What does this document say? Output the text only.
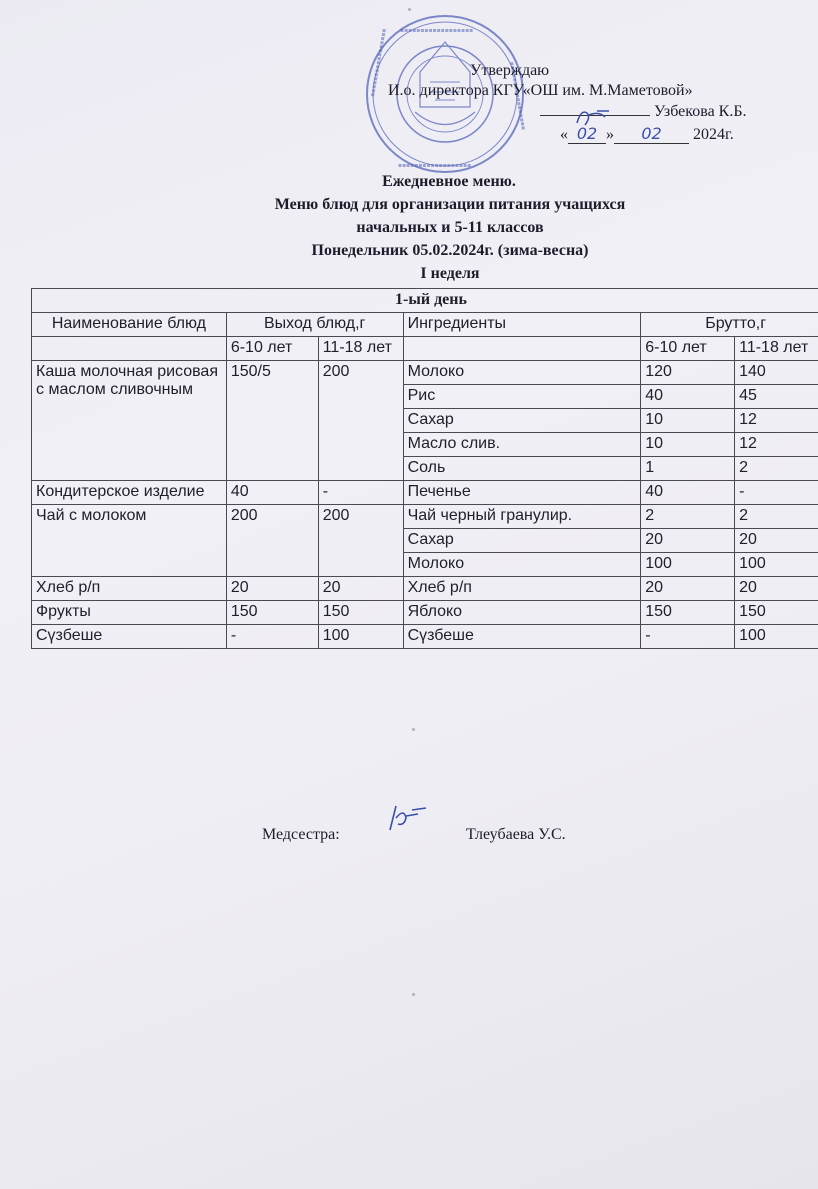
▪▪▪▪▪▪▪▪▪▪▪▪▪▪▪▪▪▪
▪▪▪▪▪▪▪▪▪▪▪▪▪▪▪▪▪	▪▪▪▪▪▪▪▪▪▪▪▪▪▪▪▪▪
▪▪▪▪▪▪▪▪▪▪▪▪▪▪▪▪▪▪
Утверждаю
И.о. директора КГУ«ОШ им. М.Маметовой»
Узбекова К.Б.
« 02 » 02 2024г.
Ежедневное меню.
Меню блюд для организации питания учащихся
начальных и 5-11 классов
Понедельник 05.02.2024г. (зима-весна)
I неделя
1-ый день					
Наименование блюд	Выход блюд,г		Ингредиенты	Брутто,г	
	6-10 лет	11-18 лет		6-10 лет	11-18 лет
Каша молочная рисовая с маслом сливочным	150/5	200	Молоко	120	140
			Рис	40	45
			Сахар	10	12
			Масло слив.	10	12
			Соль	1	2
Кондитерское изделие	40	-	Печенье	40	-
Чай с молоком	200	200	Чай черный гранулир.	2	2
			Сахар	20	20
			Молоко	100	100
Хлеб р/п	20	20	Хлеб р/п	20	20
Фрукты	150	150	Яблоко	150	150
Сүзбеше	-	100	Сүзбеше	-	100
Медсестра:	Тлеубаева У.С.
